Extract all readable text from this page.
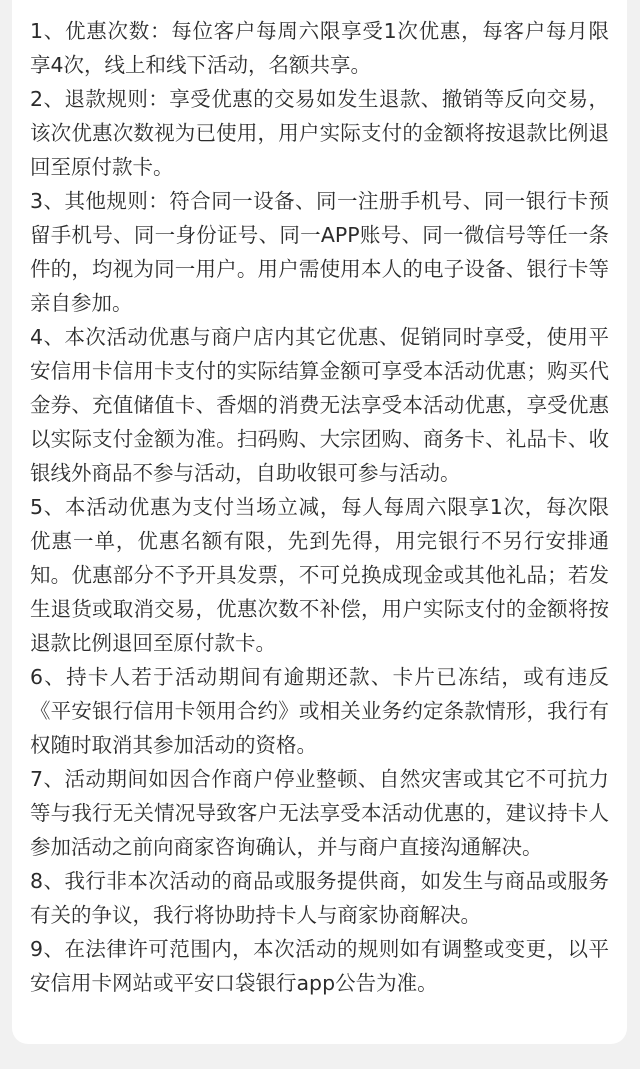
1、优惠次数：每位客户每周六限享受1次优惠，每客户每月限享4次，线上和线下活动，名额共享。

2、退款规则：享受优惠的交易如发生退款、撤销等反向交易，该次优惠次数视为已使用，用户实际支付的金额将按退款比例退回至原付款卡。

3、其他规则：符合同一设备、同一注册手机号、同一银行卡预留手机号、同一身份证号、同一APP账号、同一微信号等任一条件的，均视为同一用户。用户需使用本人的电子设备、银行卡等亲自参加。

4、本次活动优惠与商户店内其它优惠、促销同时享受，使用平安信用卡信用卡支付的实际结算金额可享受本活动优惠；购买代金券、充值储值卡、香烟的消费无法享受本活动优惠，享受优惠以实际支付金额为准。扫码购、大宗团购、商务卡、礼品卡、收银线外商品不参与活动，自助收银可参与活动。

5、本活动优惠为支付当场立减，每人每周六限享1次，每次限优惠一单，优惠名额有限，先到先得，用完银行不另行安排通知。优惠部分不予开具发票，不可兑换成现金或其他礼品；若发生退货或取消交易，优惠次数不补偿，用户实际支付的金额将按退款比例退回至原付款卡。

6、持卡人若于活动期间有逾期还款、卡片已冻结，或有违反《平安银行信用卡领用合约》或相关业务约定条款情形，我行有权随时取消其参加活动的资格。

7、活动期间如因合作商户停业整顿、自然灾害或其它不可抗力等与我行无关情况导致客户无法享受本活动优惠的，建议持卡人参加活动之前向商家咨询确认，并与商户直接沟通解决。

8、我行非本次活动的商品或服务提供商，如发生与商品或服务有关的争议，我行将协助持卡人与商家协商解决。

9、在法律许可范围内，本次活动的规则如有调整或变更，以平安信用卡网站或平安口袋银行app公告为准。
